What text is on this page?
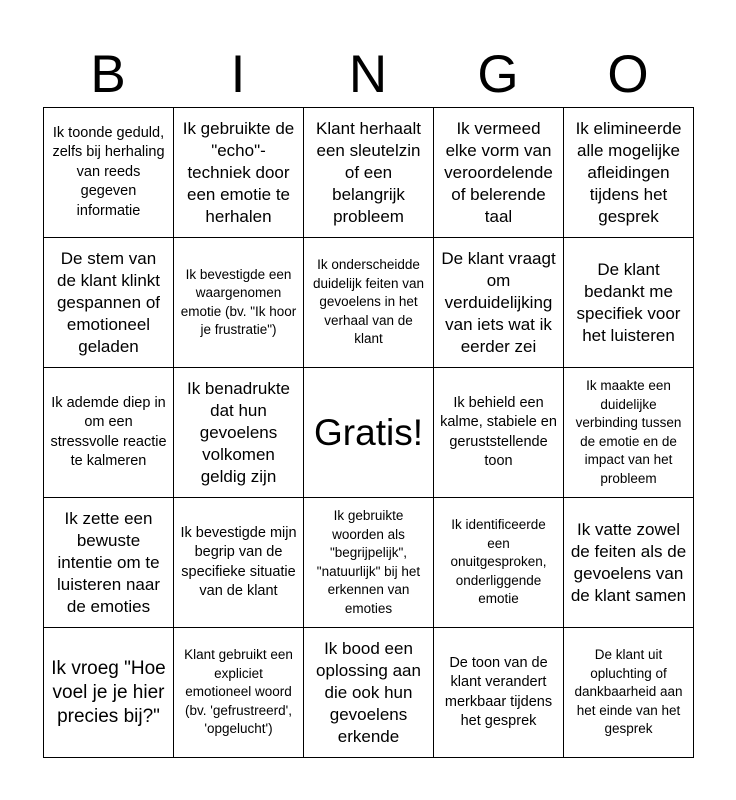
B	I	N	G	O
Ik toonde geduld, zelfs bij herhaling van reeds gegeven informatie
Ik gebruikte de "echo"-techniek door een emotie te herhalen
Klant herhaalt een sleutelzin of een belangrijk probleem
Ik vermeed elke vorm van veroordelende of belerende taal
Ik elimineerde alle mogelijke afleidingen tijdens het gesprek
De stem van de klant klinkt gespannen of emotioneel geladen
Ik bevestigde een waargenomen emotie (bv. "Ik hoor je frustratie")
Ik onderscheidde duidelijk feiten van gevoelens in het verhaal van de klant
De klant vraagt om verduidelijking van iets wat ik eerder zei
De klant bedankt me specifiek voor het luisteren
Ik ademde diep in om een stressvolle reactie te kalmeren
Ik benadrukte dat hun gevoelens volkomen geldig zijn
Gratis!
Ik behield een kalme, stabiele en geruststellende toon
Ik maakte een duidelijke verbinding tussen de emotie en de impact van het probleem
Ik zette een bewuste intentie om te luisteren naar de emoties
Ik bevestigde mijn begrip van de specifieke situatie van de klant
Ik gebruikte woorden als "begrijpelijk", "natuurlijk" bij het erkennen van emoties
Ik identificeerde een onuitgesproken, onderliggende emotie
Ik vatte zowel de feiten als de gevoelens van de klant samen
Ik vroeg "Hoe voel je je hier precies bij?"
Klant gebruikt een expliciet emotioneel woord (bv. 'gefrustreerd', 'opgelucht')
Ik bood een oplossing aan die ook hun gevoelens erkende
De toon van de klant verandert merkbaar tijdens het gesprek
De klant uit opluchting of dankbaarheid aan het einde van het gesprek
